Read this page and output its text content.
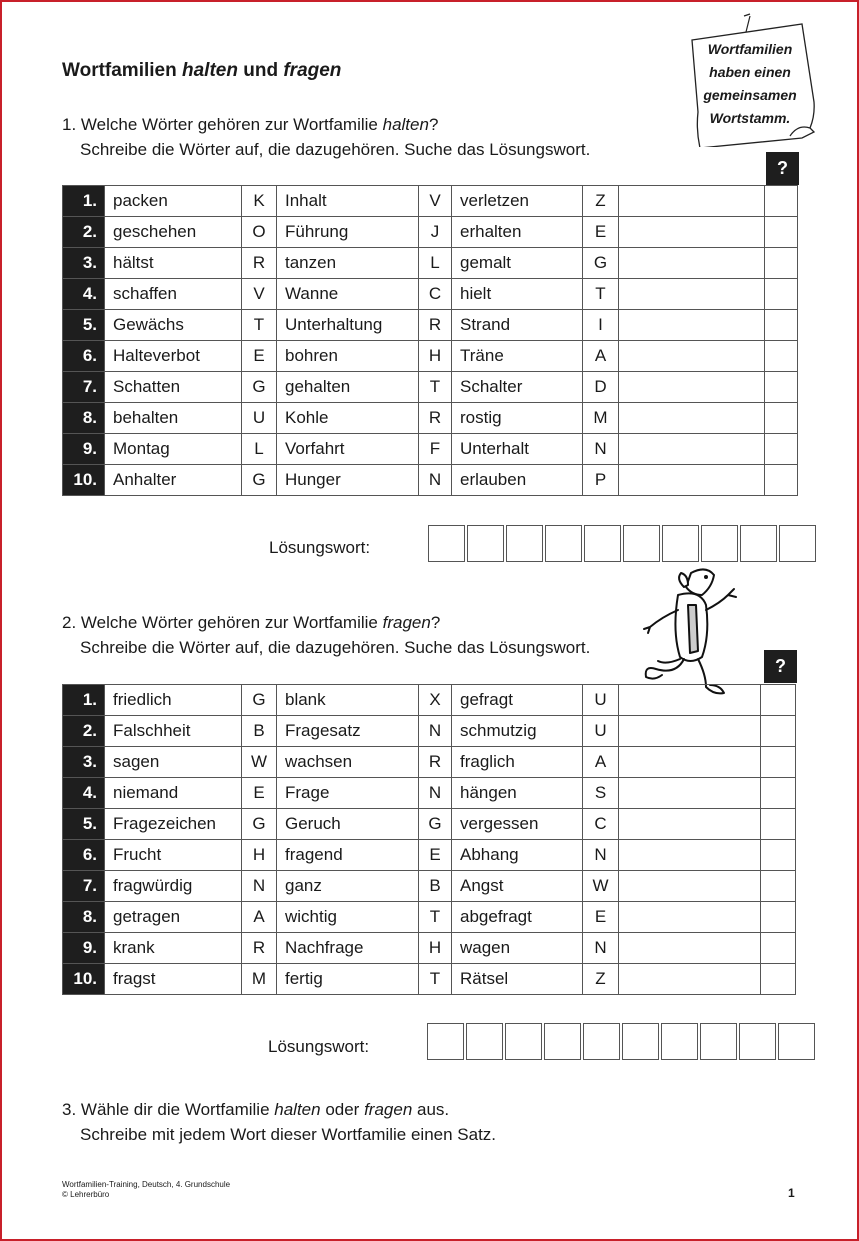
Wortfamilien halten und fragen
Wortfamilien
haben einen
gemeinsamen
Wortstamm.
1. Welche Wörter gehören zur Wortfamilie halten?
Schreibe die Wörter auf, die dazugehören. Suche das Lösungswort.
?
1.	packen	K	Inhalt	V	verletzen	Z		
2.	geschehen	O	Führung	J	erhalten	E		
3.	hältst	R	tanzen	L	gemalt	G		
4.	schaffen	V	Wanne	C	hielt	T		
5.	Gewächs	T	Unterhaltung	R	Strand	I		
6.	Halteverbot	E	bohren	H	Träne	A		
7.	Schatten	G	gehalten	T	Schalter	D		
8.	behalten	U	Kohle	R	rostig	M		
9.	Montag	L	Vorfahrt	F	Unterhalt	N		
10.	Anhalter	G	Hunger	N	erlauben	P		
Lösungswort:
2. Welche Wörter gehören zur Wortfamilie fragen?
Schreibe die Wörter auf, die dazugehören. Suche das Lösungswort.
?
1.	friedlich	G	blank	X	gefragt	U		
2.	Falschheit	B	Fragesatz	N	schmutzig	U		
3.	sagen	W	wachsen	R	fraglich	A		
4.	niemand	E	Frage	N	hängen	S		
5.	Fragezeichen	G	Geruch	G	vergessen	C		
6.	Frucht	H	fragend	E	Abhang	N		
7.	fragwürdig	N	ganz	B	Angst	W		
8.	getragen	A	wichtig	T	abgefragt	E		
9.	krank	R	Nachfrage	H	wagen	N		
10.	fragst	M	fertig	T	Rätsel	Z		
Lösungswort:
3. Wähle dir die Wortfamilie halten oder fragen aus.
Schreibe mit jedem Wort dieser Wortfamilie einen Satz.
Wortfamilien-Training, Deutsch, 4. Grundschule
© Lehrerbüro	1
